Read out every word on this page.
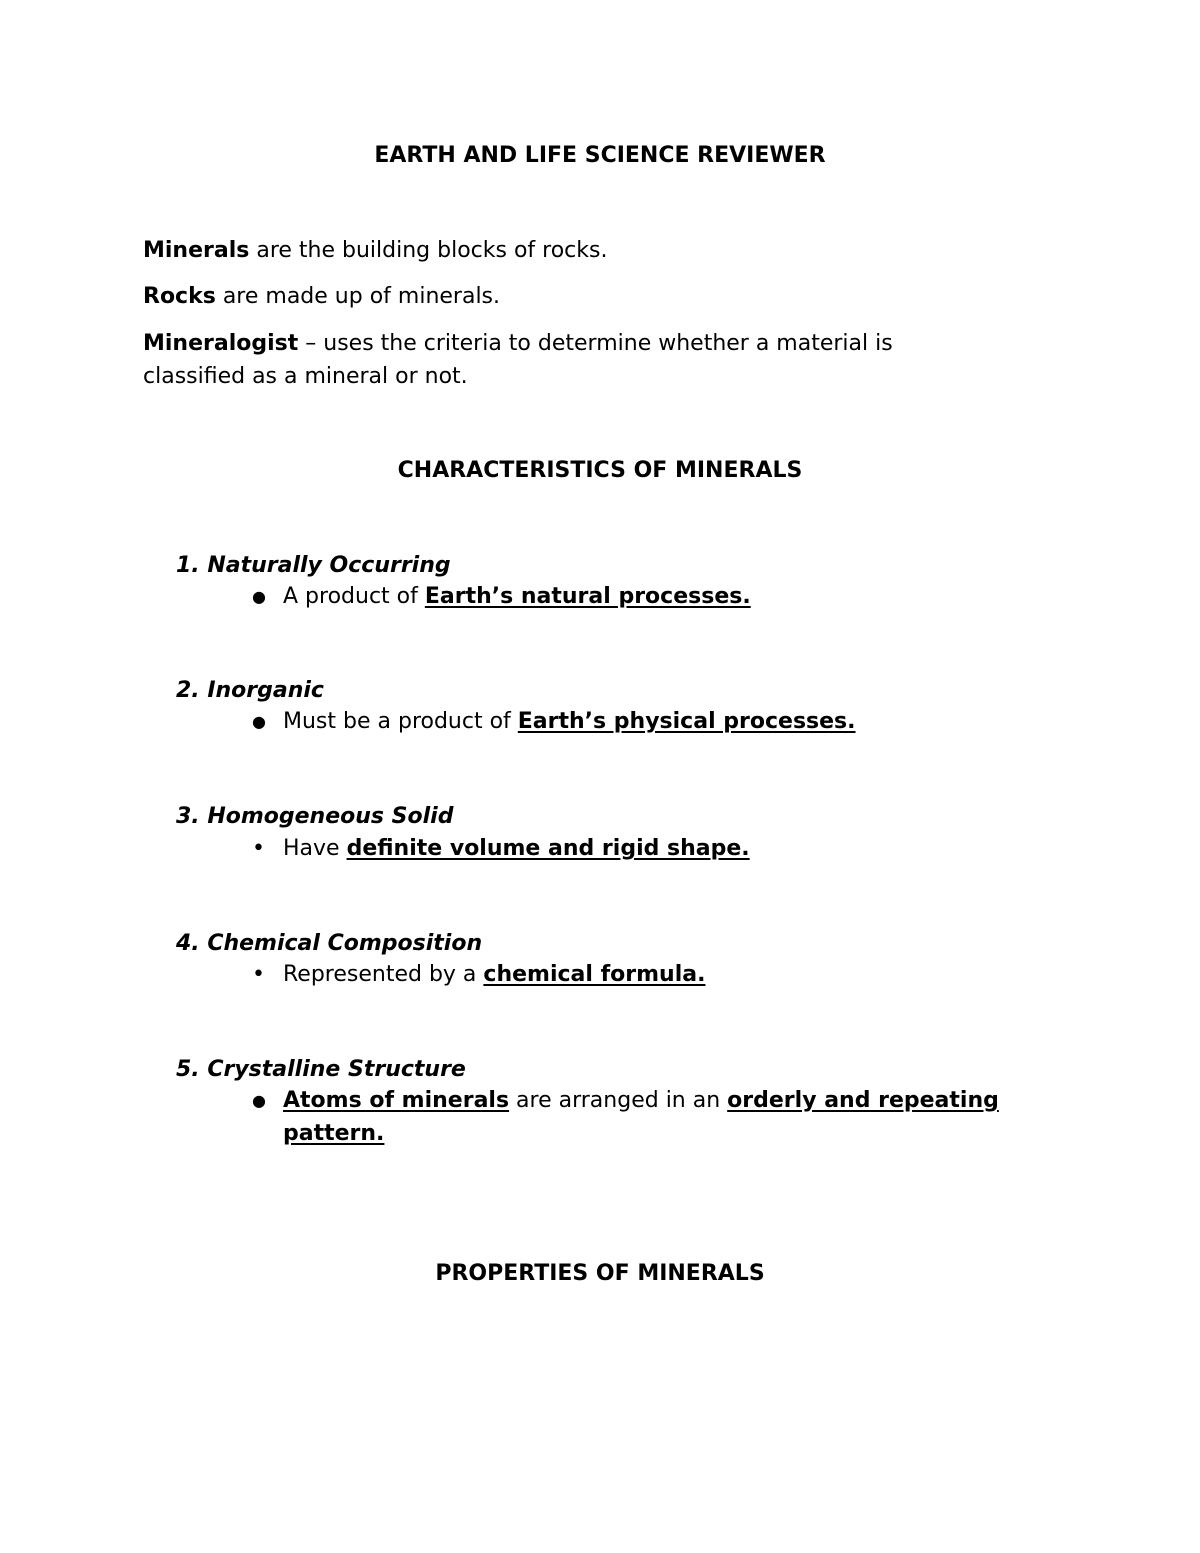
EARTH AND LIFE SCIENCE REVIEWER
Minerals are the building blocks of rocks.
Rocks are made up of minerals.
Mineralogist – uses the criteria to determine whether a material is classified as a mineral or not.
CHARACTERISTICS OF MINERALS
1. Naturally Occurring
● A product of Earth’s natural processes.
2. Inorganic
● Must be a product of Earth’s physical processes.
3. Homogeneous Solid
• Have definite volume and rigid shape.
4. Chemical Composition
• Represented by a chemical formula.
5. Crystalline Structure
● Atoms of minerals are arranged in an orderly and repeating pattern.
PROPERTIES OF MINERALS
